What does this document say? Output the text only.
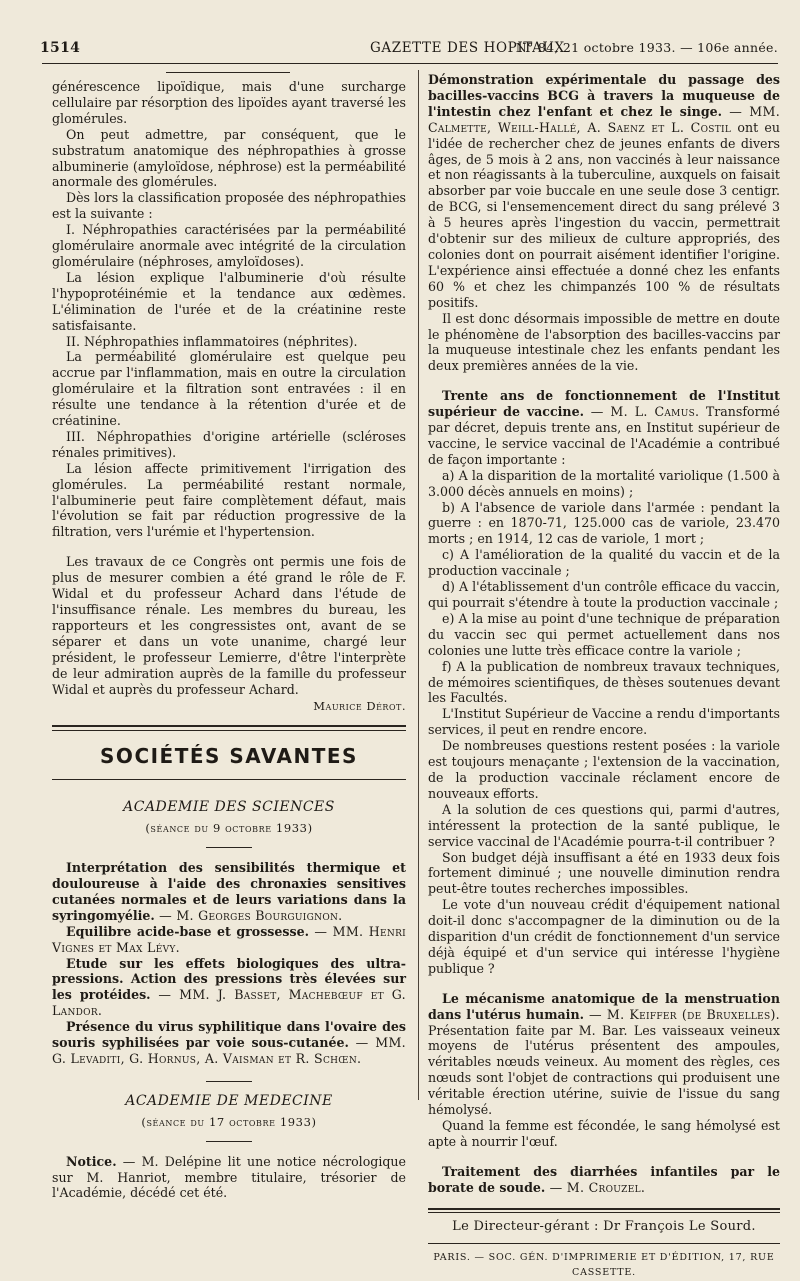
1514	GAZETTE DES HOPITAUX
N° 84, 21 octobre 1933. — 106e année.

générescence lipoïdique, mais d'une surcharge cellulaire par résorption des lipoïdes ayant traversé les glomérules.

On peut admettre, par conséquent, que le substratum anatomique des néphropathies à grosse albuminerie (amyloïdose, néphrose) est la perméabilité anormale des glomérules.

Dès lors la classification proposée des néphropathies est la suivante :

I. Néphropathies caractérisées par la perméabilité glomérulaire anormale avec intégrité de la circulation glomérulaire (néphroses, amyloïdoses).

La lésion explique l'albuminerie d'où résulte l'hypoprotéinémie et la tendance aux œdèmes. L'élimination de l'urée et de la créatinine reste satisfaisante.

II. Néphropathies inflammatoires (néphrites).

La perméabilité glomérulaire est quelque peu accrue par l'inflammation, mais en outre la circulation glomérulaire et la filtration sont entravées : il en résulte une tendance à la rétention d'urée et de créatinine.

III. Néphropathies d'origine artérielle (scléroses rénales primitives).

La lésion affecte primitivement l'irrigation des glomérules. La perméabilité restant normale, l'albuminerie peut faire complètement défaut, mais l'évolution se fait par réduction progressive de la filtration, vers l'urémie et l'hypertension.

Les travaux de ce Congrès ont permis une fois de plus de mesurer combien a été grand le rôle de F. Widal et du professeur Achard dans l'étude de l'insuffisance rénale. Les membres du bureau, les rapporteurs et les congressistes ont, avant de se séparer et dans un vote unanime, chargé leur président, le professeur Lemierre, d'être l'interprète de leur admiration auprès de la famille du professeur Widal et auprès du professeur Achard.

Maurice Dérot.
SOCIÉTÉS SAVANTES
ACADEMIE DES SCIENCES
(séance du 9 octobre 1933)

Interprétation des sensibilités thermique et douloureuse à l'aide des chronaxies sensitives cutanées normales et de leurs variations dans la syringomyélie. — M. Georges Bourguignon.

Equilibre acide-base et grossesse. — MM. Henri Vignes et Max Lévy.

Etude sur les effets biologiques des ultra-pressions. Action des pressions très élevées sur les protéides. — MM. J. Basset, Machebœuf et G. Landor.

Présence du virus syphilitique dans l'ovaire des souris syphilisées par voie sous-cutanée. — MM. G. Levaditi, G. Hornus, A. Vaisman et R. Schœn.

ACADEMIE DE MEDECINE
(séance du 17 octobre 1933)

Notice. — M. Delépine lit une notice nécrologique sur M. Hanriot, membre titulaire, trésorier de l'Académie, décédé cet été.

Démonstration expérimentale du passage des bacilles-vaccins BCG à travers la muqueuse de l'intestin chez l'enfant et chez le singe. — MM. Calmette, Weill-Hallé, A. Saenz et L. Costil ont eu l'idée de rechercher chez de jeunes enfants de divers âges, de 5 mois à 2 ans, non vaccinés à leur naissance et non réagissants à la tuberculine, auxquels on faisait absorber par voie buccale en une seule dose 3 centigr. de BCG, si l'ensemencement direct du sang prélevé 3 à 5 heures après l'ingestion du vaccin, permettrait d'obtenir sur des milieux de culture appropriés, des colonies dont on pourrait aisément identifier l'origine. L'expérience ainsi effectuée a donné chez les enfants 60 % et chez les chimpanzés 100 % de résultats positifs.

Il est donc désormais impossible de mettre en doute le phénomène de l'absorption des bacilles-vaccins par la muqueuse intestinale chez les enfants pendant les deux premières années de la vie.

Trente ans de fonctionnement de l'Institut supérieur de vaccine. — M. L. Camus. Transformé par décret, depuis trente ans, en Institut supérieur de vaccine, le service vaccinal de l'Académie a contribué de façon importante :

a) A la disparition de la mortalité variolique (1.500 à 3.000 décès annuels en moins) ;

b) A l'absence de variole dans l'armée : pendant la guerre : en 1870-71, 125.000 cas de variole, 23.470 morts ; en 1914, 12 cas de variole, 1 mort ;

c) A l'amélioration de la qualité du vaccin et de la production vaccinale ;

d) A l'établissement d'un contrôle efficace du vaccin, qui pourrait s'étendre à toute la production vaccinale ;

e) A la mise au point d'une technique de préparation du vaccin sec qui permet actuellement dans nos colonies une lutte très efficace contre la variole ;

f) A la publication de nombreux travaux techniques, de mémoires scientifiques, de thèses soutenues devant les Facultés.

L'Institut Supérieur de Vaccine a rendu d'importants services, il peut en rendre encore.

De nombreuses questions restent posées : la variole est toujours menaçante ; l'extension de la vaccination, de la production vaccinale réclament encore de nouveaux efforts.

A la solution de ces questions qui, parmi d'autres, intéressent la protection de la santé publique, le service vaccinal de l'Académie pourra-t-il contribuer ?

Son budget déjà insuffisant a été en 1933 deux fois fortement diminué ; une nouvelle diminution rendra peut-être toutes recherches impossibles.

Le vote d'un nouveau crédit d'équipement national doit-il donc s'accompagner de la diminution ou de la disparition d'un crédit de fonctionnement d'un service déjà équipé et d'un service qui intéresse l'hygiène publique ?

Le mécanisme anatomique de la menstruation dans l'utérus humain. — M. Keiffer (de Bruxelles). Présentation faite par M. Bar. Les vaisseaux veineux moyens de l'utérus présentent des ampoules, véritables nœuds veineux. Au moment des règles, ces nœuds sont l'objet de contractions qui produisent une véritable érection utérine, suivie de l'issue du sang hémolysé.

Quand la femme est fécondée, le sang hémolysé est apte à nourrir l'œuf.

Traitement des diarrhées infantiles par le borate de soude. — M. Crouzel.

Le Directeur-gérant : Dr François Le Sourd.
PARIS. — SOC. GÉN. D'IMPRIMERIE ET D'ÉDITION, 17, RUE CASSETTE.
